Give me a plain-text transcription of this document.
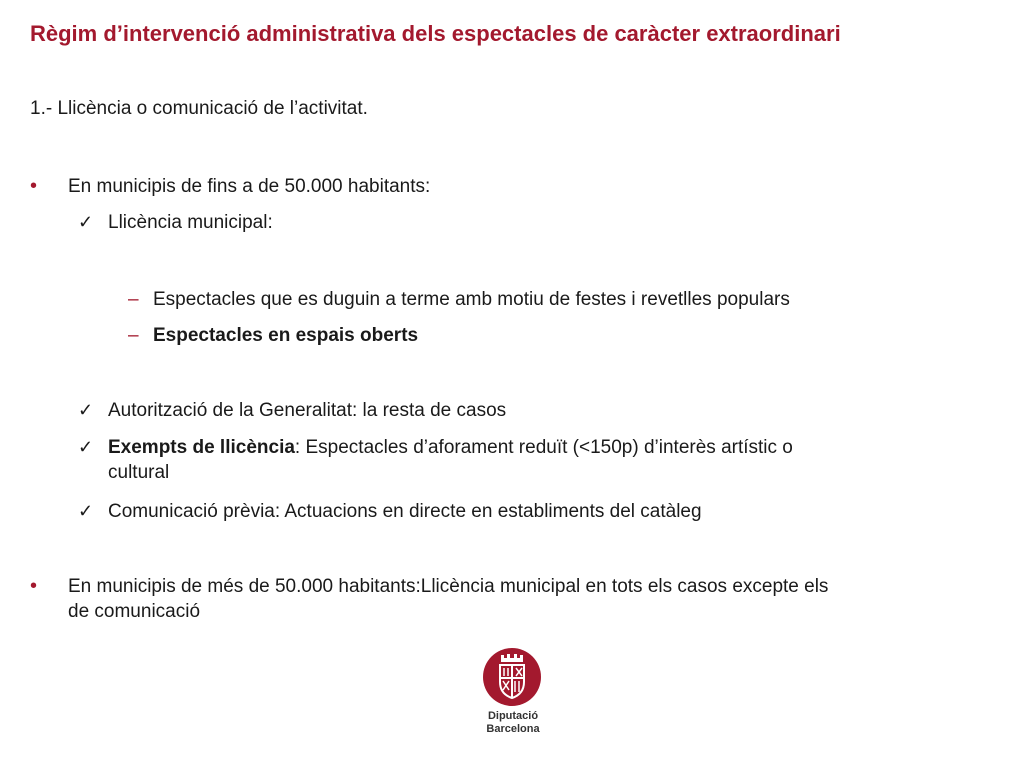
Règim d’intervenció administrativa dels espectacles de caràcter extraordinari
1.- Llicència o comunicació de l’activitat.
• En municipis de fins a de 50.000 habitants:
✓ Llicència municipal:
– Espectacles que es duguin a terme amb motiu de festes i revetlles populars
– Espectacles en espais oberts
✓ Autorització de la Generalitat: la resta de casos
✓ Exempts de llicència: Espectacles d’aforament reduït (<150p) d’interès artístic o
cultural
✓ Comunicació prèvia: Actuacions en directe en establiments del catàleg
• En municipis de més de 50.000 habitants:Llicència municipal en tots els casos excepte els
de comunicació
Diputació
Barcelona
